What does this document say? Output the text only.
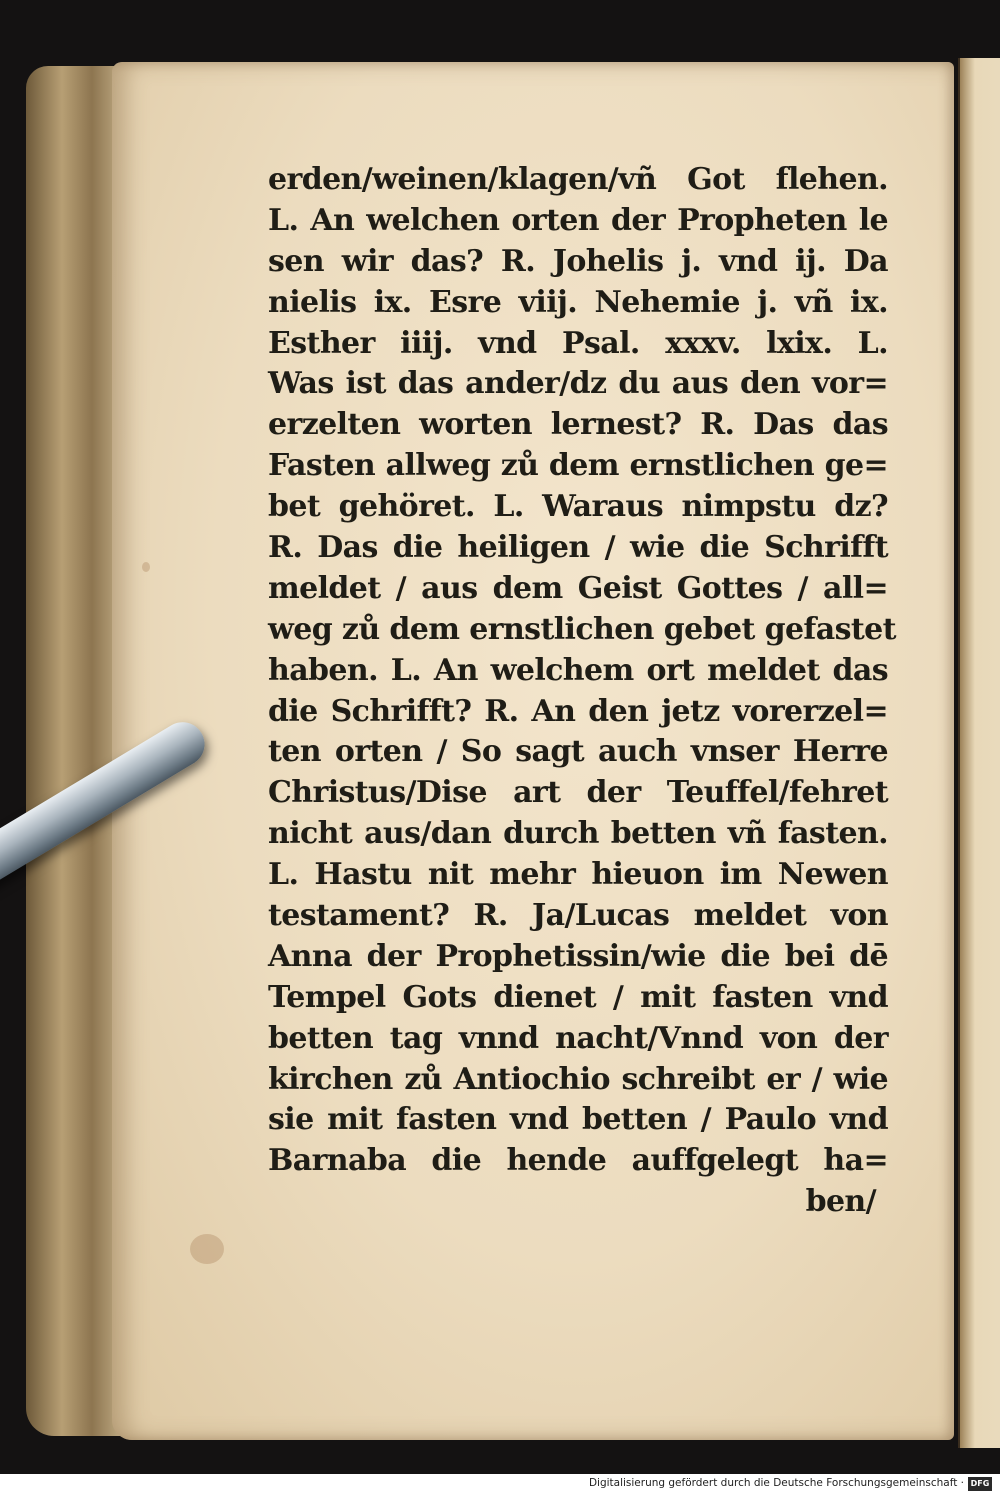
erden/weinen/klagen/vñ Got flehen.
L. An welchen orten der Propheten le
sen wir das? R. Johelis j. vnd ij. Da
nielis ix. Esre viij. Nehemie j. vñ ix.
Esther iiij. vnd Psal. xxxv. lxix. L.
Was ist das ander/dz du aus den vor=
erzelten worten lernest? R. Das das
Fasten allweg zů dem ernstlichen ge=
bet gehöret. L. Waraus nimpstu dz?
R. Das die heiligen / wie die Schrifft
meldet / aus dem Geist Gottes / all=
weg zů dem ernstlichen gebet gefastet
haben. L. An welchem ort meldet das
die Schrifft? R. An den jetz vorerzel=
ten orten / So sagt auch vnser Herre
Christus/Dise art der Teuffel/fehret
nicht aus/dan durch betten vñ fasten.
L. Hastu nit mehr hieuon im Newen
testament? R. Ja/Lucas meldet von
Anna der Prophetissin/wie die bei dē
Tempel Gots dienet / mit fasten vnd
betten tag vnnd nacht/Vnnd von der
kirchen zů Antiochio schreibt er / wie
sie mit fasten vnd betten / Paulo vnd
Barnaba die hende auffgelegt ha=
ben/
Digitalisierung gefördert durch die Deutsche Forschungsgemeinschaft · DFG
